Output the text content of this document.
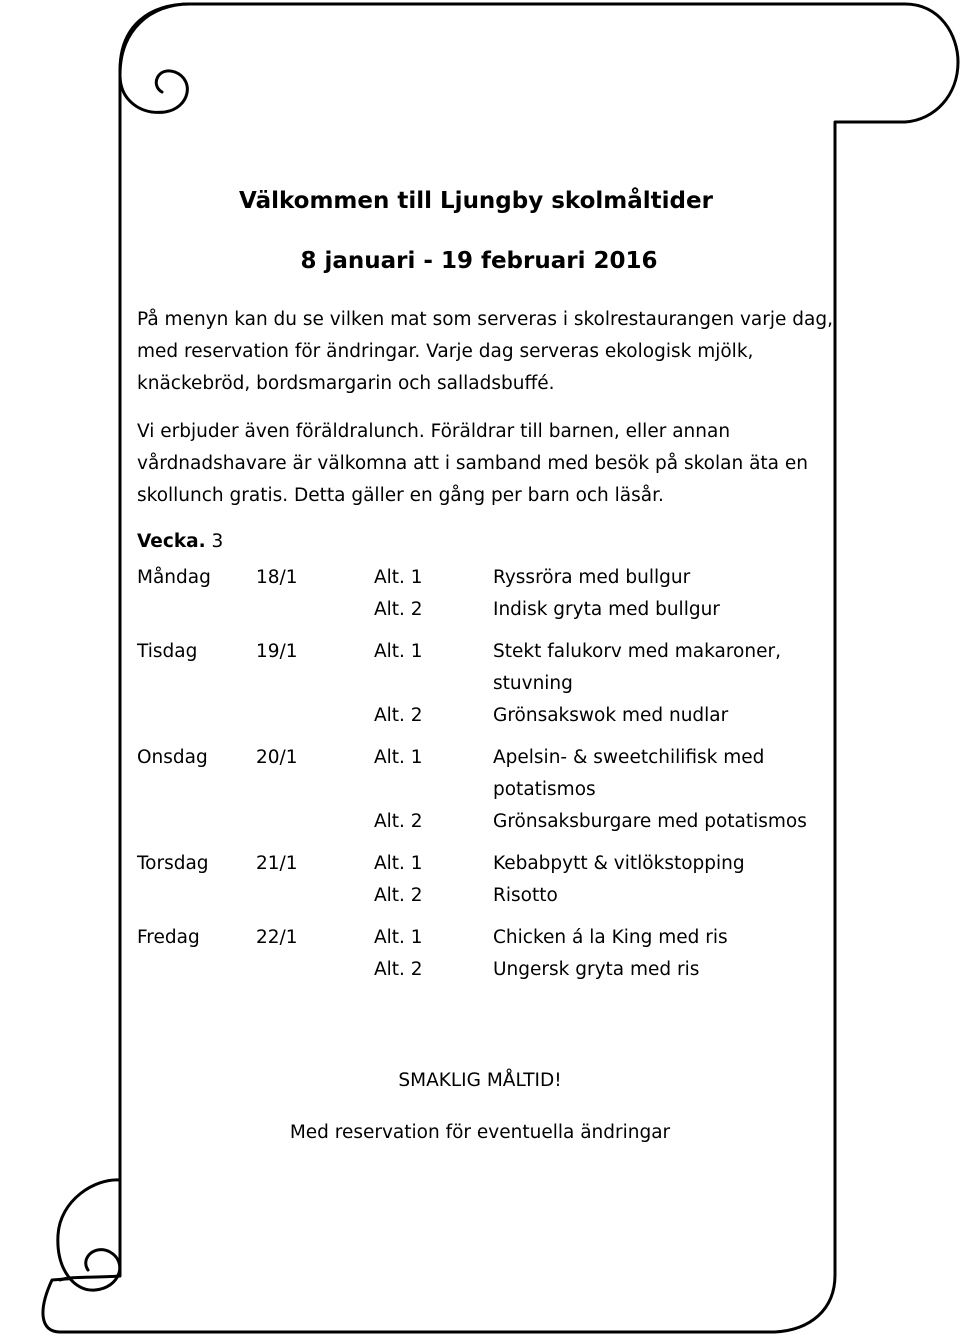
Välkommen till Ljungby skolmåltider
8 januari - 19 februari 2016
På menyn kan du se vilken mat som serveras i skolrestaurangen varje dag,
med reservation för ändringar. Varje dag serveras ekologisk mjölk,
knäckebröd, bordsmargarin och salladsbuffé.
Vi erbjuder även föräldralunch. Föräldrar till barnen, eller annan
vårdnadshavare är välkomna att i samband med besök på skolan äta en
skollunch gratis. Detta gäller en gång per barn och läsår.
Vecka. 3
Måndag 18/1	Alt. 1	Ryssröra med bullgur
Alt. 2	Indisk gryta med bullgur
Tisdag	19/1	Alt. 1	Stekt falukorv med makaroner,
stuvning
Alt. 2	Grönsakswok med nudlar
Onsdag	20/1	Alt. 1	Apelsin- & sweetchilifisk med
potatismos
Alt. 2	Grönsaksburgare med potatismos
Torsdag	21/1	Alt. 1	Kebabpytt & vitlökstopping
Alt. 2	Risotto
Fredag	22/1	Alt. 1	Chicken á la King med ris
Alt. 2	Ungersk gryta med ris
SMAKLIG MÅLTID!
Med reservation för eventuella ändringar
